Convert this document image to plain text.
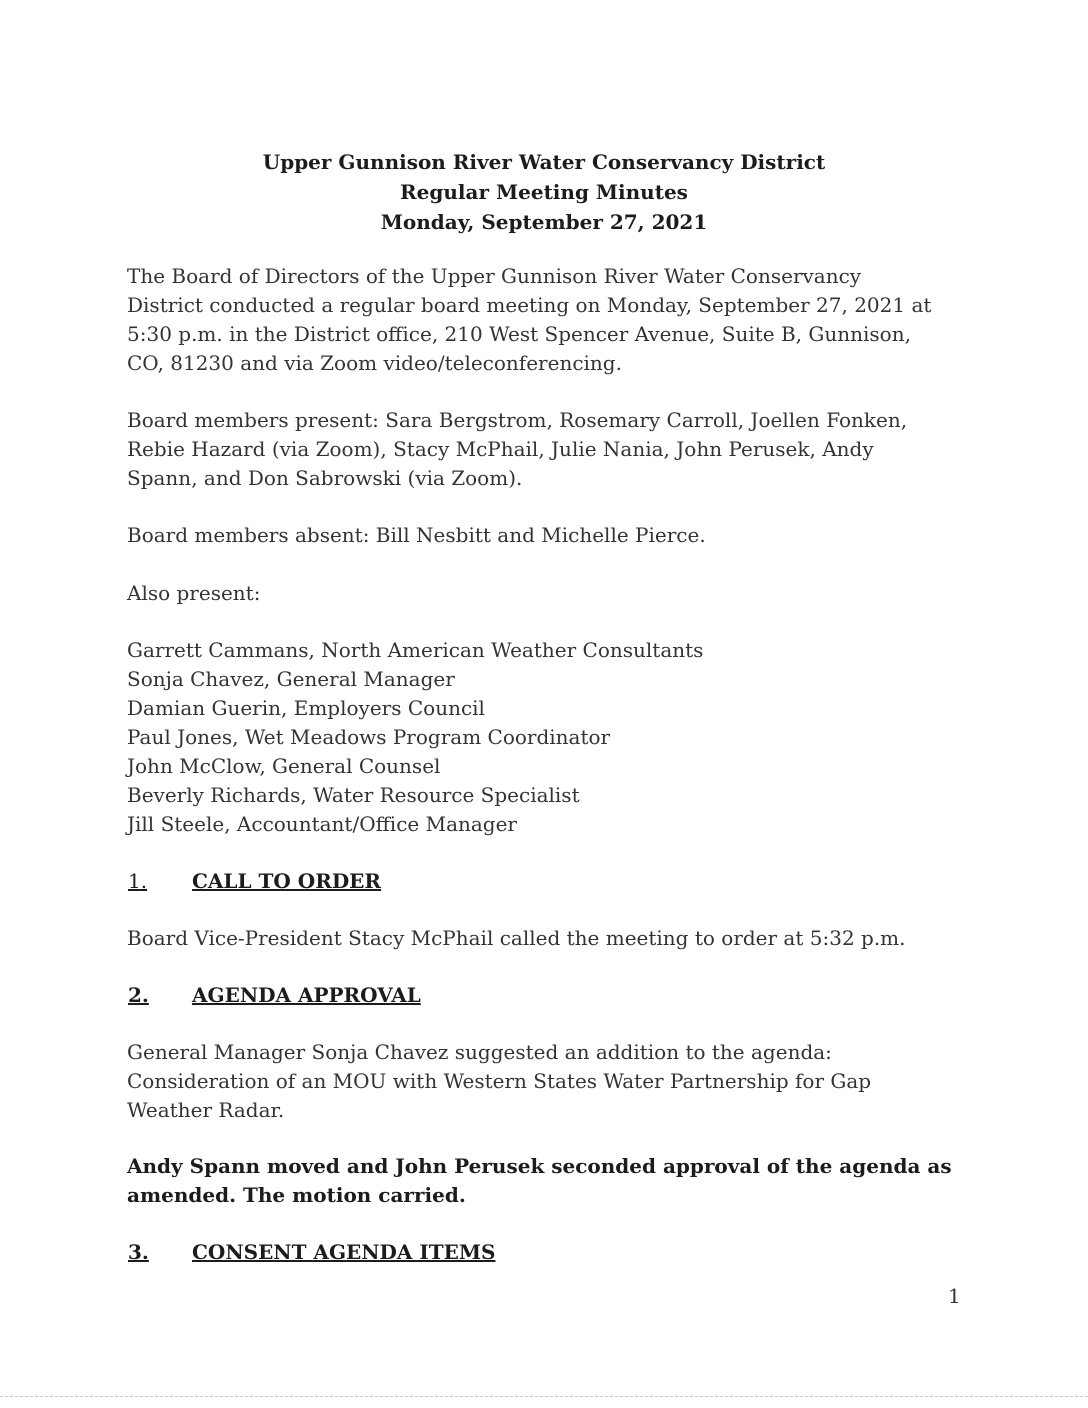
Upper Gunnison River Water Conservancy District
Regular Meeting Minutes
Monday, September 27, 2021
The Board of Directors of the Upper Gunnison River Water Conservancy
District conducted a regular board meeting on Monday, September 27, 2021 at
5:30 p.m. in the District office, 210 West Spencer Avenue, Suite B, Gunnison,
CO, 81230 and via Zoom video/teleconferencing.
Board members present: Sara Bergstrom, Rosemary Carroll, Joellen Fonken,
Rebie Hazard (via Zoom), Stacy McPhail, Julie Nania, John Perusek, Andy
Spann, and Don Sabrowski (via Zoom).
Board members absent: Bill Nesbitt and Michelle Pierce.
Also present:
Garrett Cammans, North American Weather Consultants
Sonja Chavez, General Manager
Damian Guerin, Employers Council
Paul Jones, Wet Meadows Program Coordinator
John McClow, General Counsel
Beverly Richards, Water Resource Specialist
Jill Steele, Accountant/Office Manager
1. CALL TO ORDER
Board Vice-President Stacy McPhail called the meeting to order at 5:32 p.m.
2. AGENDA APPROVAL
General Manager Sonja Chavez suggested an addition to the agenda:
Consideration of an MOU with Western States Water Partnership for Gap
Weather Radar.
Andy Spann moved and John Perusek seconded approval of the agenda as
amended. The motion carried.
3. CONSENT AGENDA ITEMS
1
